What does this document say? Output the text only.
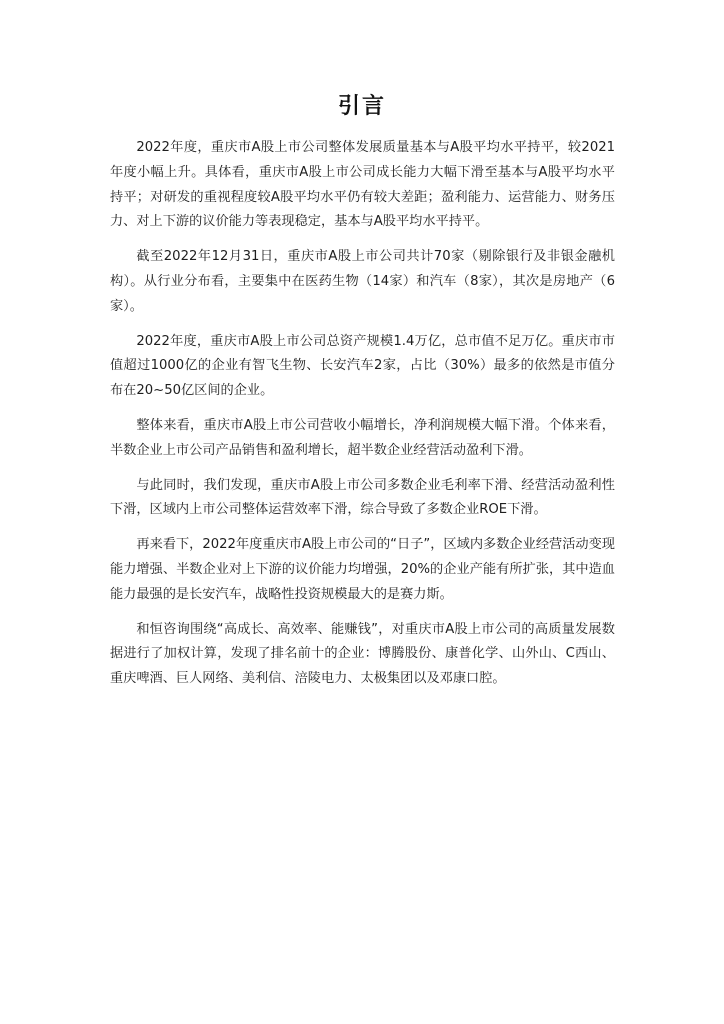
引言

2022年度，重庆市A股上市公司整体发展质量基本与A股平均水平持平，较2021年度小幅上升。具体看，重庆市A股上市公司成长能力大幅下滑至基本与A股平均水平持平；对研发的重视程度较A股平均水平仍有较大差距；盈利能力、运营能力、财务压力、对上下游的议价能力等表现稳定，基本与A股平均水平持平。

截至2022年12月31日，重庆市A股上市公司共计70家（剔除银行及非银金融机构）。从行业分布看，主要集中在医药生物（14家）和汽车（8家），其次是房地产（6家）。

2022年度，重庆市A股上市公司总资产规模1.4万亿，总市值不足万亿。重庆市市值超过1000亿的企业有智飞生物、长安汽车2家，占比（30%）最多的依然是市值分布在20~50亿区间的企业。

整体来看，重庆市A股上市公司营收小幅增长，净利润规模大幅下滑。个体来看，半数企业上市公司产品销售和盈利增长，超半数企业经营活动盈利下滑。

与此同时，我们发现，重庆市A股上市公司多数企业毛利率下滑、经营活动盈利性下滑，区域内上市公司整体运营效率下滑，综合导致了多数企业ROE下滑。

再来看下，2022年度重庆市A股上市公司的“日子”，区域内多数企业经营活动变现能力增强、半数企业对上下游的议价能力均增强，20%的企业产能有所扩张，其中造血能力最强的是长安汽车，战略性投资规模最大的是赛力斯。

和恒咨询围绕“高成长、高效率、能赚钱”，对重庆市A股上市公司的高质量发展数据进行了加权计算，发现了排名前十的企业：博腾股份、康普化学、山外山、C西山、重庆啤酒、巨人网络、美利信、涪陵电力、太极集团以及邓康口腔。
